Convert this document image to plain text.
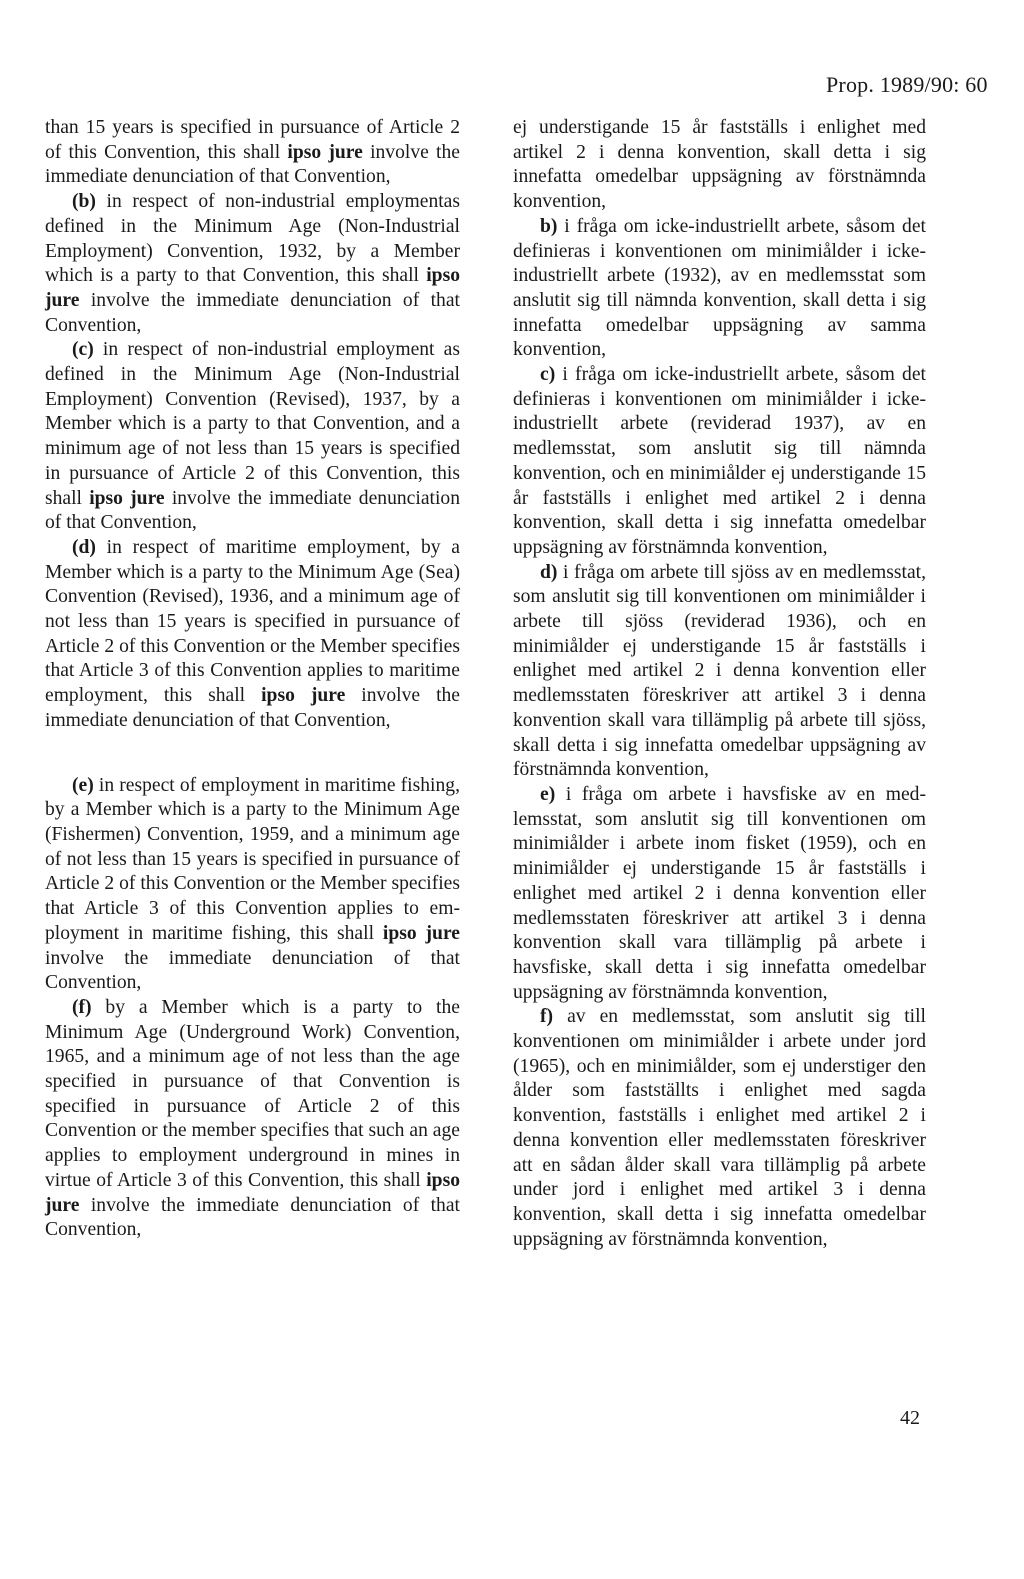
Prop. 1989/90: 60

than 15 years is specified in pursuance of Article 2 of this Convention, this shall ipso jure involve the immediate denunciation of that Convention,

(b) in respect of non-industrial employmentas defined in the Minimum Age (Non-Industrial Employment) Convention, 1932, by a Member which is a party to that Convention, this shall ipso jure involve the immediate denunciation of that Convention,

(c) in respect of non-industrial employment as defined in the Minimum Age (Non-Industrial Employment) Convention (Revised), 1937, by a Member which is a party to that Convention, and a minimum age of not less than 15 years is specified in pursuance of Article 2 of this Convention, this shall ipso jure involve the immediate denunciation of that Convention,

(d) in respect of maritime employment, by a Member which is a party to the Minimum Age (Sea) Convention (Revised), 1936, and a minimum age of not less than 15 years is specified in pursuance of Article 2 of this Convention or the Member specifies that Article 3 of this Convention applies to maritime employment, this shall ipso jure involve the immediate denunciation of that Convention,

(e) in respect of employment in maritime fishing, by a Member which is a party to the Minimum Age (Fishermen) Convention, 1959, and a minimum age of not less than 15 years is specified in pursuance of Article 2 of this Convention or the Member specifies that Article 3 of this Convention applies to employment in maritime fishing, this shall ipso jure involve the immediate denunciation of that Convention,

(f) by a Member which is a party to the Minimum Age (Underground Work) Convention, 1965, and a minimum age of not less than the age specified in pursuance of that Convention is specified in pursuance of Article 2 of this Convention or the member specifies that such an age applies to employment underground in mines in virtue of Article 3 of this Convention, this shall ipso jure involve the immediate denunciation of that Convention,

ej understigande 15 år fastställs i enlighet med artikel 2 i denna konvention, skall detta i sig innefatta omedelbar uppsägning av förstnämnda konvention,

b) i fråga om icke-industriellt arbete, såsom det definieras i konventionen om minimiålder i icke-industriellt arbete (1932), av en medlemsstat som anslutit sig till nämnda konvention, skall detta i sig innefatta omedelbar uppsägning av samma konvention,

c) i fråga om icke-industriellt arbete, såsom det definieras i konventionen om minimiålder i icke-industriellt arbete (reviderad 1937), av en medlemsstat, som anslutit sig till nämnda konvention, och en minimiålder ej understigande 15 år fastställs i enlighet med artikel 2 i denna konvention, skall detta i sig innefatta omedelbar uppsägning av förstnämnda konvention,

d) i fråga om arbete till sjöss av en medlemsstat, som anslutit sig till konventionen om minimiålder i arbete till sjöss (reviderad 1936), och en minimiålder ej understigande 15 år fastställs i enlighet med artikel 2 i denna konvention eller medlemsstaten föreskriver att artikel 3 i denna konvention skall vara tillämplig på arbete till sjöss, skall detta i sig innefatta omedelbar uppsägning av förstnämnda konvention,

e) i fråga om arbete i havsfiske av en medlemsstat, som anslutit sig till konventionen om minimiålder i arbete inom fisket (1959), och en minimiålder ej understigande 15 år fastställs i enlighet med artikel 2 i denna konvention eller medlemsstaten föreskriver att artikel 3 i denna konvention skall vara tillämplig på arbete i havsfiske, skall detta i sig innefatta omedelbar uppsägning av förstnämnda konvention,

f) av en medlemsstat, som anslutit sig till konventionen om minimiålder i arbete under jord (1965), och en minimiålder, som ej understiger den ålder som fastställts i enlighet med sagda konvention, fastställs i enlighet med artikel 2 i denna konvention eller medlemsstaten föreskriver att en sådan ålder skall vara tillämplig på arbete under jord i enlighet med artikel 3 i denna konvention, skall detta i sig innefatta omedelbar uppsägning av förstnämnda konvention,

42
